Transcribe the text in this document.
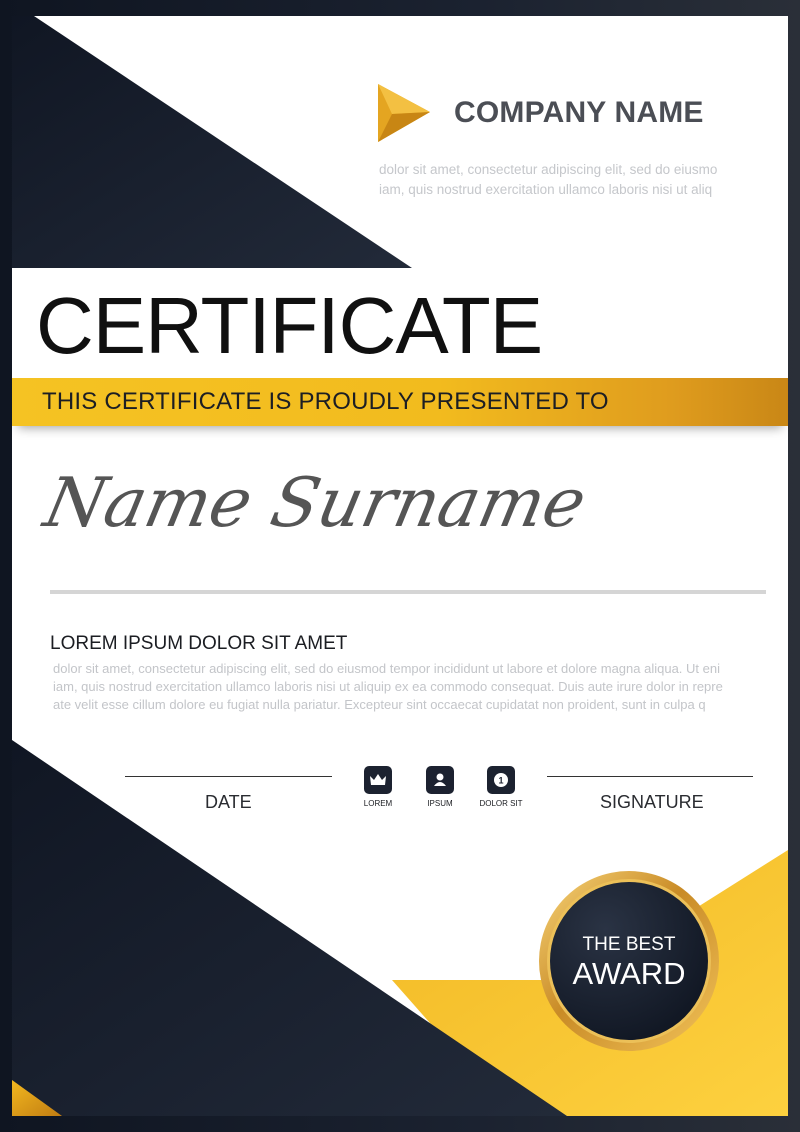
COMPANY NAME
dolor sit amet, consectetur adipiscing elit, sed do eiusmo
iam, quis nostrud exercitation ullamco laboris nisi ut aliq
CERTIFICATE
THIS CERTIFICATE IS PROUDLY PRESENTED TO
Name Surname
LOREM IPSUM DOLOR SIT AMET
dolor sit amet, consectetur adipiscing elit, sed do eiusmod tempor incididunt ut labore et dolore magna aliqua. Ut eni
iam, quis nostrud exercitation ullamco laboris nisi ut aliquip ex ea commodo consequat. Duis aute irure dolor in repre
ate velit esse cillum dolore eu fugiat nulla pariatur. Excepteur sint occaecat cupidatat non proident, sunt in culpa q
DATE	SIGNATURE
LOREM	IPSUM
1
DOLOR SIT
THE BEST
AWARD
